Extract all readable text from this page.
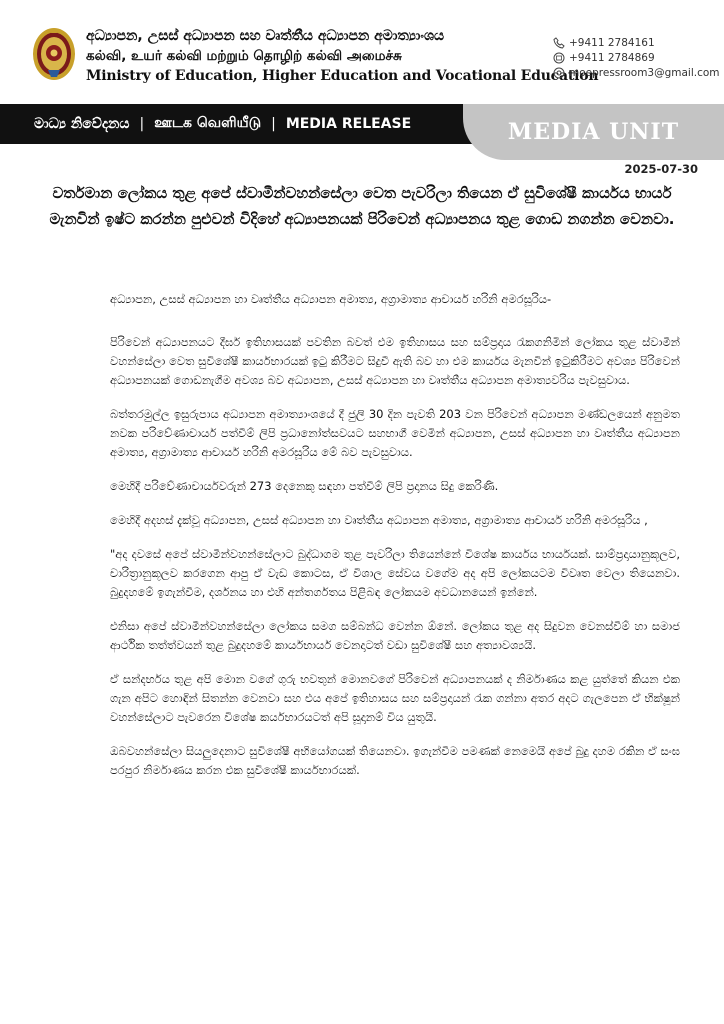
අධ්‍යාපන, උසස් අධ්‍යාපන සහ වෘත්තීය අධ්‍යාපන අමාත්‍යාංශය
கல்வி, உயர் கல்வி மற்றும் தொழிற் கல்வி அமைச்சு
Ministry of Education, Higher Education and Vocational Education
+9411 2784161
+9411 2784869
moepressroom3@gmail.com
මාධ්‍ය නිවේදනය | ஊடக வெளியீடு | MEDIA RELEASE	MEDIA UNIT
2025-07-30
වර්තමාන ලෝකය තුළ අපේ ස්වාමීන්වහන්සේලා වෙත පැවරිලා තියෙන ඒ සුවිශේෂී කාර්යය භාර්ය මැනවින් ඉෂ්ට කරන්න පුළුවන් විදිහේ අධ්‍යාපනයක් පිරිවෙන් අධ්‍යාපනය තුළ ගොඩ නගන්න වෙනවා.

අධ්‍යාපන, උසස් අධ්‍යාපන හා වෘත්තීය අධ්‍යාපන අමාත්‍ය, අග්‍රාමාත්‍ය ආචාර්ය හරිනි අමරසූරිය-

පිරිවෙන් අධ්‍යාපනයට දීර්ඝ ඉතිහාසයක් පවතින බවත් එම ඉතිහාසය සහ සම්ප්‍රදාය රැකගනිමින් ලෝකය තුළ ස්වාමීන් වහන්සේලා වෙත සුවිශේෂී කාර්යභාරයක් ඉටු කිරීමට සිදුවී ඇති බව හා එම කාර්යය මැනවින් ඉටුකිරීමට අවශ්‍ය පිරිවෙන් අධ්‍යාපනයක් ගොඩනැගීම අවශ්‍ය බව අධ්‍යාපන, උසස් අධ්‍යාපන හා වෘත්තීය අධ්‍යාපන අමාත්‍යවරිය පැවසුවාය.

බත්තරමුල්ල ඉසුරුපාය අධ්‍යාපන අමාත්‍යාංශයේ දී ජුලි 30 දින පැවති 203 වන පිරිවෙන් අධ්‍යාපන මණ්ඩලයෙන් අනුමත නවක පරිවේණාචාර්ය පත්වීම් ලිපි ප්‍රධානෝත්සවයට සහභාගී වෙමින් අධ්‍යාපන, උසස් අධ්‍යාපන හා වෘත්තීය අධ්‍යාපන අමාත්‍ය, අග්‍රාමාත්‍ය ආචාර්ය හරිනි අමරසූරිය මේ බව පැවසුවාය.

මෙහිදී පරිවේණාචාර්යවරුන් 273 දෙනෙකු සඳහා පත්වීම් ලිපි ප්‍රදානය සිදු කෙරිණි.

මෙහිදී අදහස් දැක්වූ අධ්‍යාපන, උසස් අධ්‍යාපන හා වෘත්තීය අධ්‍යාපන අමාත්‍ය, අග්‍රාමාත්‍ය ආචාර්ය හරිනි අමරසූරිය ,

"අද දවසේ අපේ ස්වාමීන්වහන්සේලාට බුද්ධාගම තුළ පැවරිලා තියෙන්නේ විශේෂ කාර්යය භාර්යයක්. සාම්ප්‍රදායානුකූලව, චාරිත්‍රානුකූලව කරගෙන ආපු ඒ වැඩ කොටස, ඒ විශාල සේවය වගේම අද අපි ලෝකයටම විවෘත වෙලා තියෙනවා. බුදුදහමේ ඉගැන්වීම, දර්ශනය හා එහි අන්තර්ගතය පිළිබඳ ලෝකයම අවධානයෙන් ඉන්නේ.

එනිසා අපේ ස්වාමීන්වහන්සේලා ලෝකය සමග සම්බන්ධ වෙන්න ඕනේ. ලෝකය තුළ අද සිදුවන වෙනස්වීම් හා සමාජ ආර්ථික තත්ත්වයන් තුළ බුදුදහමේ කාර්යභාර්ය වෙනදාටත් වඩා සුවිශේෂී සහ අත්‍යාවශ්‍යයි.

ඒ සන්දර්භය තුළ අපි මොන වගේ ගුරු භවතුන් මොනවගේ පිරිවෙන් අධ්‍යාපනයක් ද නිර්මාණය කළ යුත්තේ කියන එක ගැන අපිට හොඳින් සිතන්න වෙනවා සහ එය අපේ ඉතිහාසය සහ සම්ප්‍රදායන් රැක ගන්නා අතර අදට ගැලපෙන ඒ භික්ෂූන් වහන්සේලාට පැවරෙන විශේෂ කර්යභාරයටත් අපි සූදානම් විය යුතුයි.

ඔබවහන්සේලා සියලුදෙනාට සුවිශේෂී අභියෝගයක් තියෙනවා. ඉගැන්වීම පමණක් නෙමෙයි අපේ බුදු දහම රකින ඒ සංඝ පරපුර නිර්මාණය කරන එක සුවිශේෂී කාර්යභාරයක්.
